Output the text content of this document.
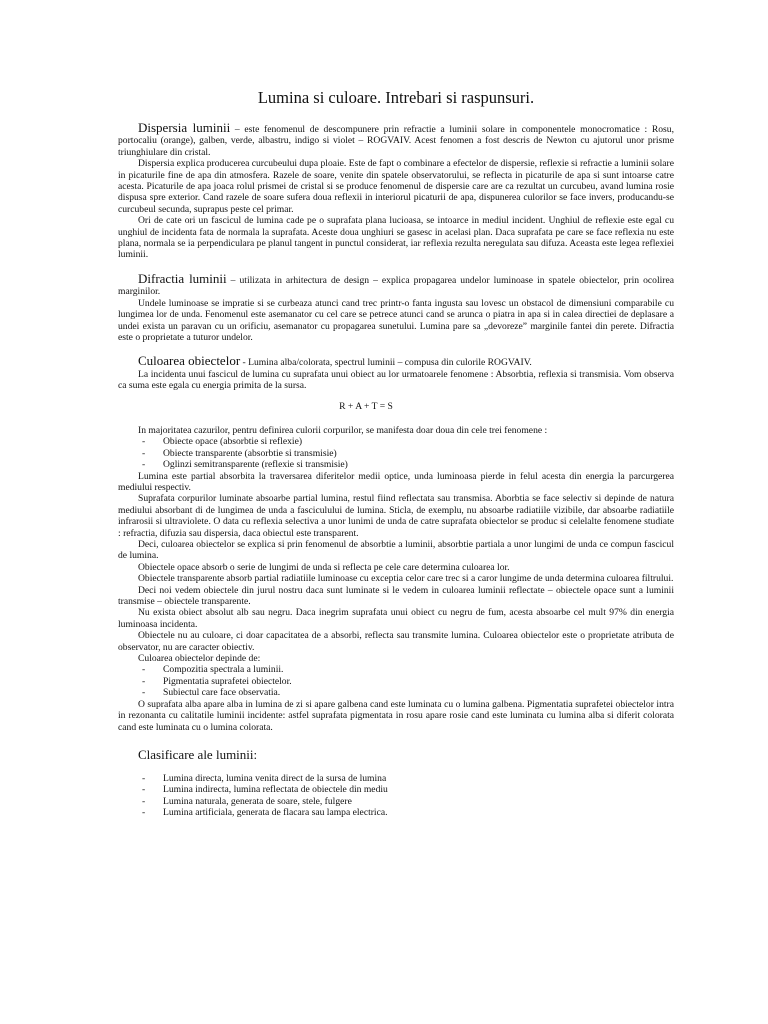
Lumina si culoare. Intrebari si raspunsuri.

Dispersia luminii – este fenomenul de descompunere prin refractie a luminii solare in componentele monocromatice : Rosu, portocaliu (orange), galben, verde, albastru, indigo si violet – ROGVAIV. Acest fenomen a fost descris de Newton cu ajutorul unor prisme triunghiulare din cristal.

Dispersia explica producerea curcubeului dupa ploaie. Este de fapt o combinare a efectelor de dispersie, reflexie si refractie a luminii solare in picaturile fine de apa din atmosfera. Razele de soare, venite din spatele observatorului, se reflecta in picaturile de apa si sunt intoarse catre acesta. Picaturile de apa joaca rolul prismei de cristal si se produce fenomenul de dispersie care are ca rezultat un curcubeu, avand lumina rosie dispusa spre exterior. Cand razele de soare sufera doua reflexii in interiorul picaturii de apa, dispunerea culorilor se face invers, producandu-se curcubeul secunda, suprapus peste cel primar.

Ori de cate ori un fascicul de lumina cade pe o suprafata plana lucioasa, se intoarce in mediul incident. Unghiul de reflexie este egal cu unghiul de incidenta fata de normala la suprafata. Aceste doua unghiuri se gasesc in acelasi plan. Daca suprafata pe care se face reflexia nu este plana, normala se ia perpendiculara pe planul tangent in punctul considerat, iar reflexia rezulta neregulata sau difuza. Aceasta este legea reflexiei luminii.

Difractia luminii – utilizata in arhitectura de design – explica propagarea undelor luminoase in spatele obiectelor, prin ocolirea marginilor.

Undele luminoase se impratie si se curbeaza atunci cand trec printr-o fanta ingusta sau lovesc un obstacol de dimensiuni comparabile cu lungimea lor de unda. Fenomenul este asemanator cu cel care se petrece atunci cand se arunca o piatra in apa si in calea directiei de deplasare a undei exista un paravan cu un orificiu, asemanator cu propagarea sunetului. Lumina pare sa „devoreze” marginile fantei din perete. Difractia este o proprietate a tuturor undelor.

Culoarea obiectelor - Lumina alba/colorata, spectrul luminii – compusa din culorile ROGVAIV.

La incidenta unui fascicul de lumina cu suprafata unui obiect au lor urmatoarele fenomene : Absorbtia, reflexia si transmisia. Vom observa ca suma este egala cu energia primita de la sursa.

R + A + T = S

In majoritatea cazurilor, pentru definirea culorii corpurilor, se manifesta doar doua din cele trei fenomene :

-	Obiecte opace (absorbtie si reflexie)
-	Obiecte transparente (absorbtie si transmisie)
-	Oglinzi semitransparente (reflexie si transmisie)

Lumina este partial absorbita la traversarea diferitelor medii optice, unda luminoasa pierde in felul acesta din energia la parcurgerea mediului respectiv.

Suprafata corpurilor luminate absoarbe partial lumina, restul fiind reflectata sau transmisa. Aborbtia se face selectiv si depinde de natura mediului absorbant di de lungimea de unda a fasciculului de lumina. Sticla, de exemplu, nu absoarbe radiatiile vizibile, dar absoarbe radiatiile infrarosii si ultraviolete. O data cu reflexia selectiva a unor lunimi de unda de catre suprafata obiectelor se produc si celelalte fenomene studiate : refractia, difuzia sau dispersia, daca obiectul este transparent.

Deci, culoarea obiectelor se explica si prin fenomenul de absorbtie a luminii, absorbtie partiala a unor lungimi de unda ce compun fascicul de lumina.

Obiectele opace absorb o serie de lungimi de unda si reflecta pe cele care determina culoarea lor.

Obiectele transparente absorb partial radiatiile luminoase cu exceptia celor care trec si a caror lungime de unda determina culoarea filtrului.

Deci noi vedem obiectele din jurul nostru daca sunt luminate si le vedem in culoarea luminii reflectate – obiectele opace sunt a luminii transmise – obiectele transparente.

Nu exista obiect absolut alb sau negru. Daca inegrim suprafata unui obiect cu negru de fum, acesta absoarbe cel mult 97% din energia luminoasa incidenta.

Obiectele nu au culoare, ci doar capacitatea de a absorbi, reflecta sau transmite lumina. Culoarea obiectelor este o proprietate atributa de observator, nu are caracter obiectiv.

Culoarea obiectelor depinde de:

-	Compozitia spectrala a luminii.
-	Pigmentatia suprafetei obiectelor.
-	Subiectul care face observatia.

O suprafata alba apare alba in lumina de zi si apare galbena cand este luminata cu o lumina galbena. Pigmentatia suprafetei obiectelor intra in rezonanta cu calitatile luminii incidente: astfel suprafata pigmentata in rosu apare rosie cand este luminata cu lumina alba si diferit colorata cand este luminata cu o lumina colorata.

Clasificare ale luminii:

-	Lumina directa, lumina venita direct de la sursa de lumina
-	Lumina indirecta, lumina reflectata de obiectele din mediu
-	Lumina naturala, generata de soare, stele, fulgere
-	Lumina artificiala, generata de flacara sau lampa electrica.
